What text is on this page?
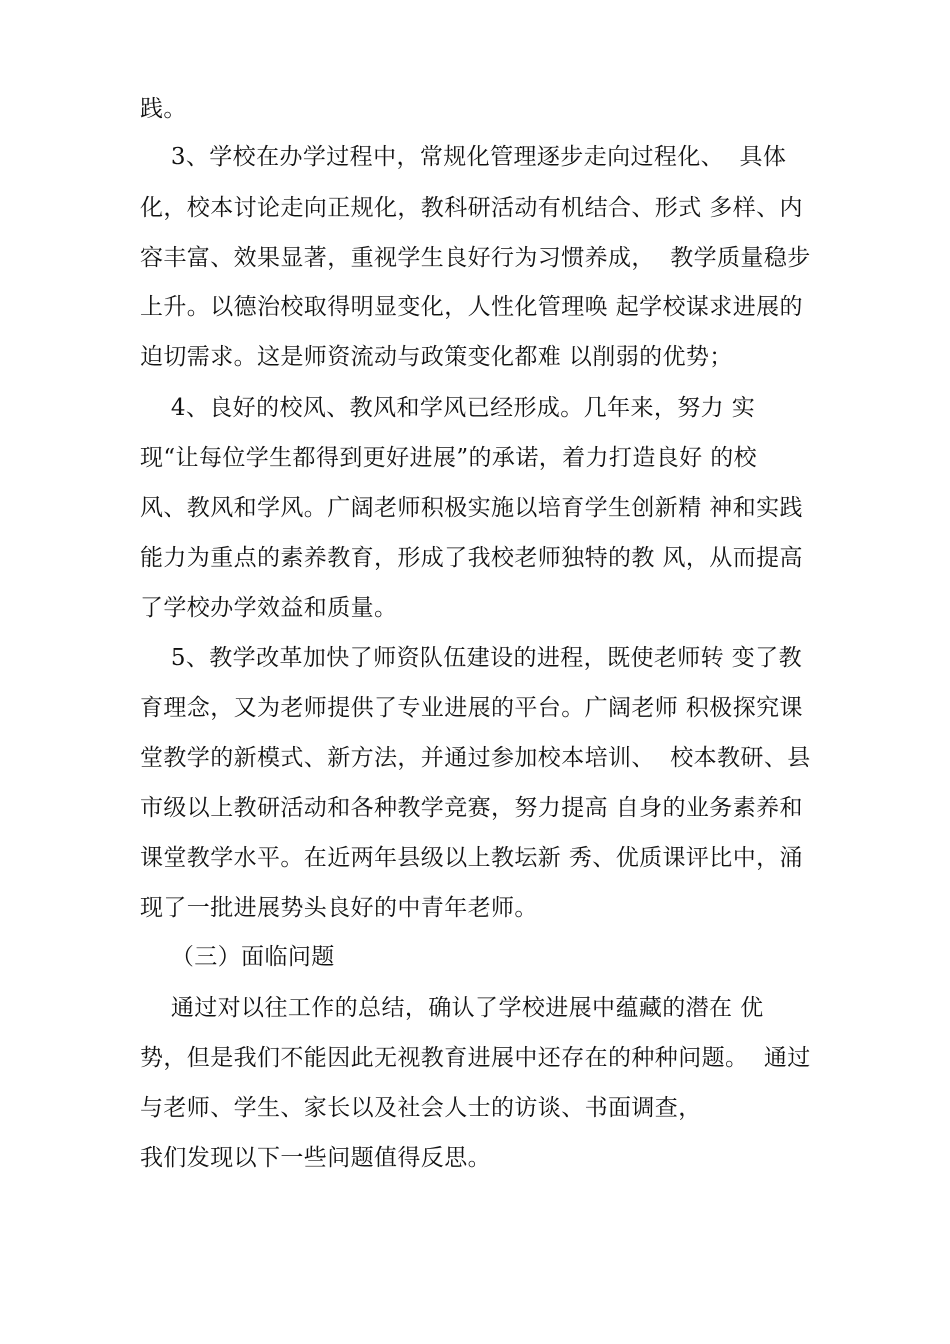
践。
3、学校在办学过程中，常规化管理逐步走向过程化、  具体
化，校本讨论走向正规化，教科研活动有机结合、形式 多样、内
容丰富、效果显著，重视学生良好行为习惯养成，  教学质量稳步
上升。以德治校取得明显变化，人性化管理唤 起学校谋求进展的
迫切需求。这是师资流动与政策变化都难 以削弱的优势；
4、良好的校风、教风和学风已经形成。几年来，努力 实
现“让每位学生都得到更好进展”的承诺，着力打造良好 的校
风、教风和学风。广阔老师积极实施以培育学生创新精 神和实践
能力为重点的素养教育，形成了我校老师独特的教 风，从而提高
了学校办学效益和质量。
5、教学改革加快了师资队伍建设的进程，既使老师转 变了教
育理念，又为老师提供了专业进展的平台。广阔老师 积极探究课
堂教学的新模式、新方法，并通过参加校本培训、  校本教研、县
市级以上教研活动和各种教学竞赛，努力提高 自身的业务素养和
课堂教学水平。在近两年县级以上教坛新 秀、优质课评比中，涌
现了一批进展势头良好的中青年老师。
（三）面临问题
通过对以往工作的总结，确认了学校进展中蕴藏的潜在 优
势，但是我们不能因此无视教育进展中还存在的种种问题。  通过
与老师、学生、家长以及社会人士的访谈、书面调查，
我们发现以下一些问题值得反思。
